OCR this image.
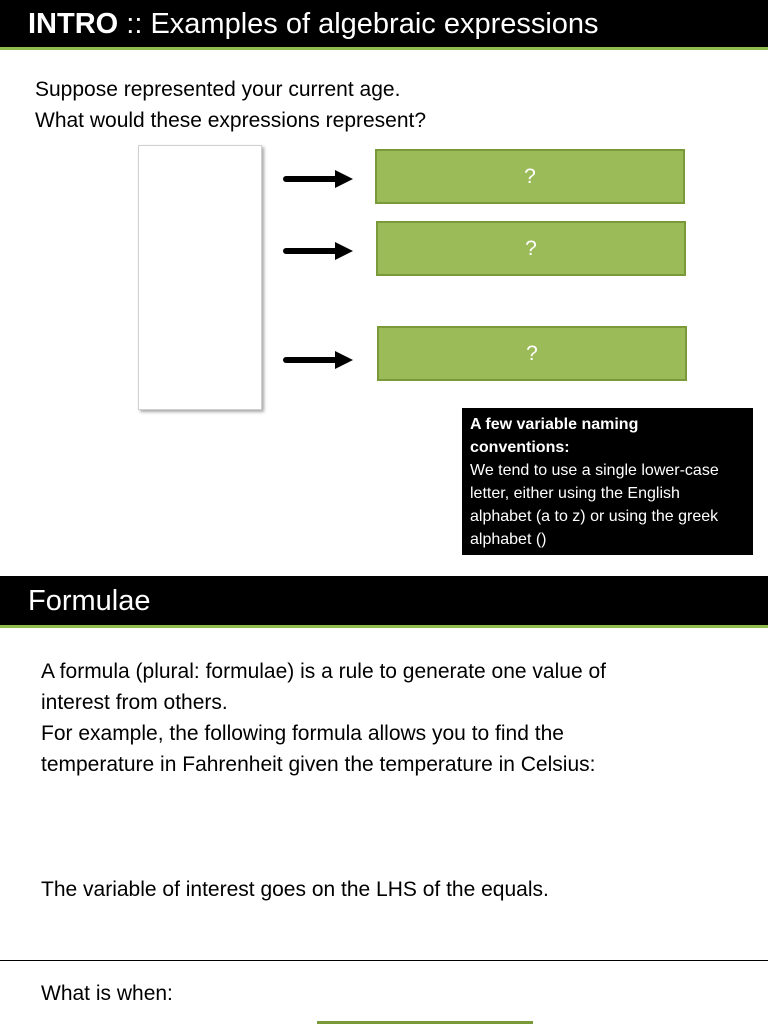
INTRO :: Examples of algebraic expressions
Suppose represented your current age.
What would these expressions represent?
?
?
?
A few variable naming
conventions:
We tend to use a single lower-case
letter, either using the English
alphabet (a to z) or using the greek
alphabet ()
Formulae
A formula (plural: formulae) is a rule to generate one value of
interest from others.
For example, the following formula allows you to find the
temperature in Fahrenheit given the temperature in Celsius:
The variable of interest goes on the LHS of the equals.
What is when:
